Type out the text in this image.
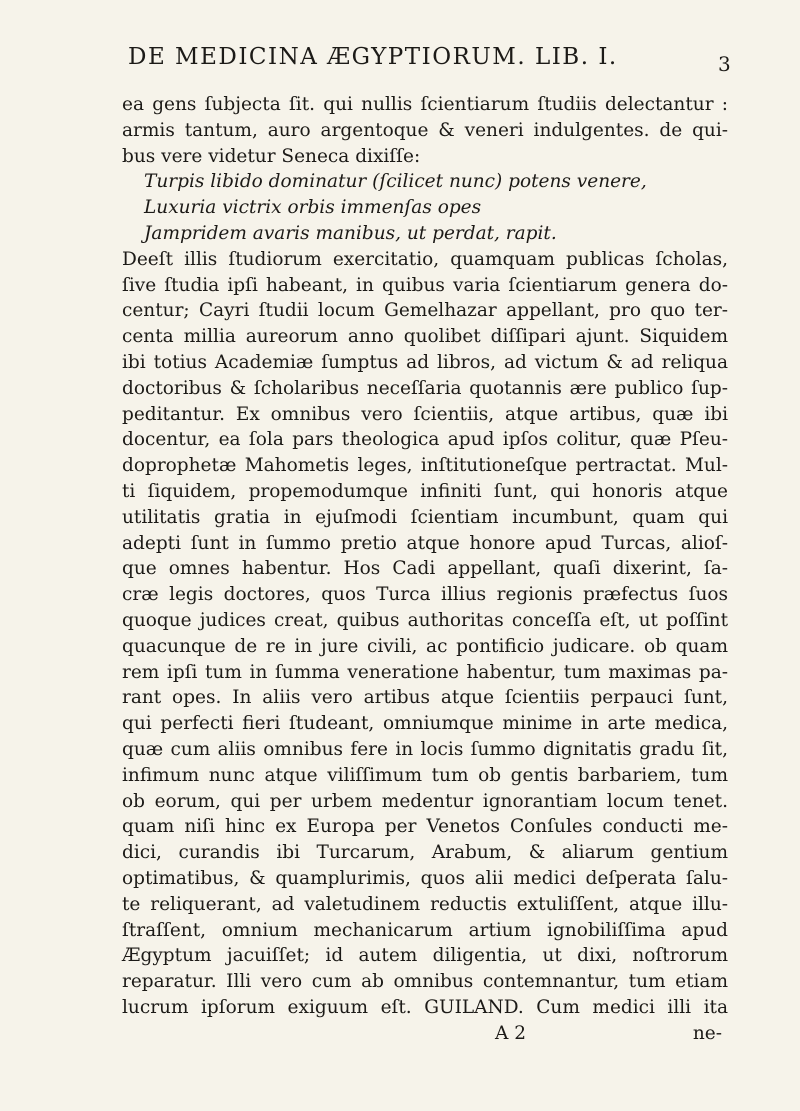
DE MEDICINA ÆGYPTIORUM. LIB. I.	3
ea gens ſubjecta ſit. qui nullis ſcientiarum ſtudiis delectantur :
armis tantum, auro argentoque & veneri indulgentes. de qui-
bus vere videtur Seneca dixiſſe:
Turpis libido dominatur (ſcilicet nunc) potens venere,
Luxuria victrix orbis immenſas opes
Jampridem avaris manibus, ut perdat, rapit.
Deeſt illis ſtudiorum exercitatio, quamquam publicas ſcholas,
ſive ſtudia ipſi habeant, in quibus varia ſcientiarum genera do-
centur; Cayri ſtudii locum Gemelhazar appellant, pro quo ter-
centa millia aureorum anno quolibet diſſipari ajunt. Siquidem
ibi totius Academiæ ſumptus ad libros, ad victum & ad reliqua
doctoribus & ſcholaribus neceſſaria quotannis ære publico ſup-
peditantur. Ex omnibus vero ſcientiis, atque artibus, quæ ibi
docentur, ea ſola pars theologica apud ipſos colitur, quæ Pſeu-
doprophetæ Mahometis leges, inſtitutioneſque pertractat. Mul-
ti ſiquidem, propemodumque infiniti ſunt, qui honoris atque
utilitatis gratia in ejuſmodi ſcientiam incumbunt, quam qui
adepti ſunt in ſummo pretio atque honore apud Turcas, alioſ-
que omnes habentur. Hos Cadi appellant, quaſi dixerint, ſa-
cræ legis doctores, quos Turca illius regionis præfectus ſuos
quoque judices creat, quibus authoritas conceſſa eſt, ut poſſint
quacunque de re in jure civili, ac pontificio judicare. ob quam
rem ipſi tum in ſumma veneratione habentur, tum maximas pa-
rant opes. In aliis vero artibus atque ſcientiis perpauci ſunt,
qui perfecti fieri ſtudeant, omniumque minime in arte medica,
quæ cum aliis omnibus fere in locis ſummo dignitatis gradu ſit,
infimum nunc atque viliſſimum tum ob gentis barbariem, tum
ob eorum, qui per urbem medentur ignorantiam locum tenet.
quam niſi hinc ex Europa per Venetos Conſules conducti me-
dici, curandis ibi Turcarum, Arabum, & aliarum gentium
optimatibus, & quamplurimis, quos alii medici deſperata ſalu-
te reliquerant, ad valetudinem reductis extuliſſent, atque illu-
ſtraſſent, omnium mechanicarum artium ignobiliſſima apud
Ægyptum jacuiſſet; id autem diligentia, ut dixi, noſtrorum
reparatur. Illi vero cum ab omnibus contemnantur, tum etiam
lucrum ipſorum exiguum eſt. GUILAND. Cum medici illi ita
A 2	ne-
